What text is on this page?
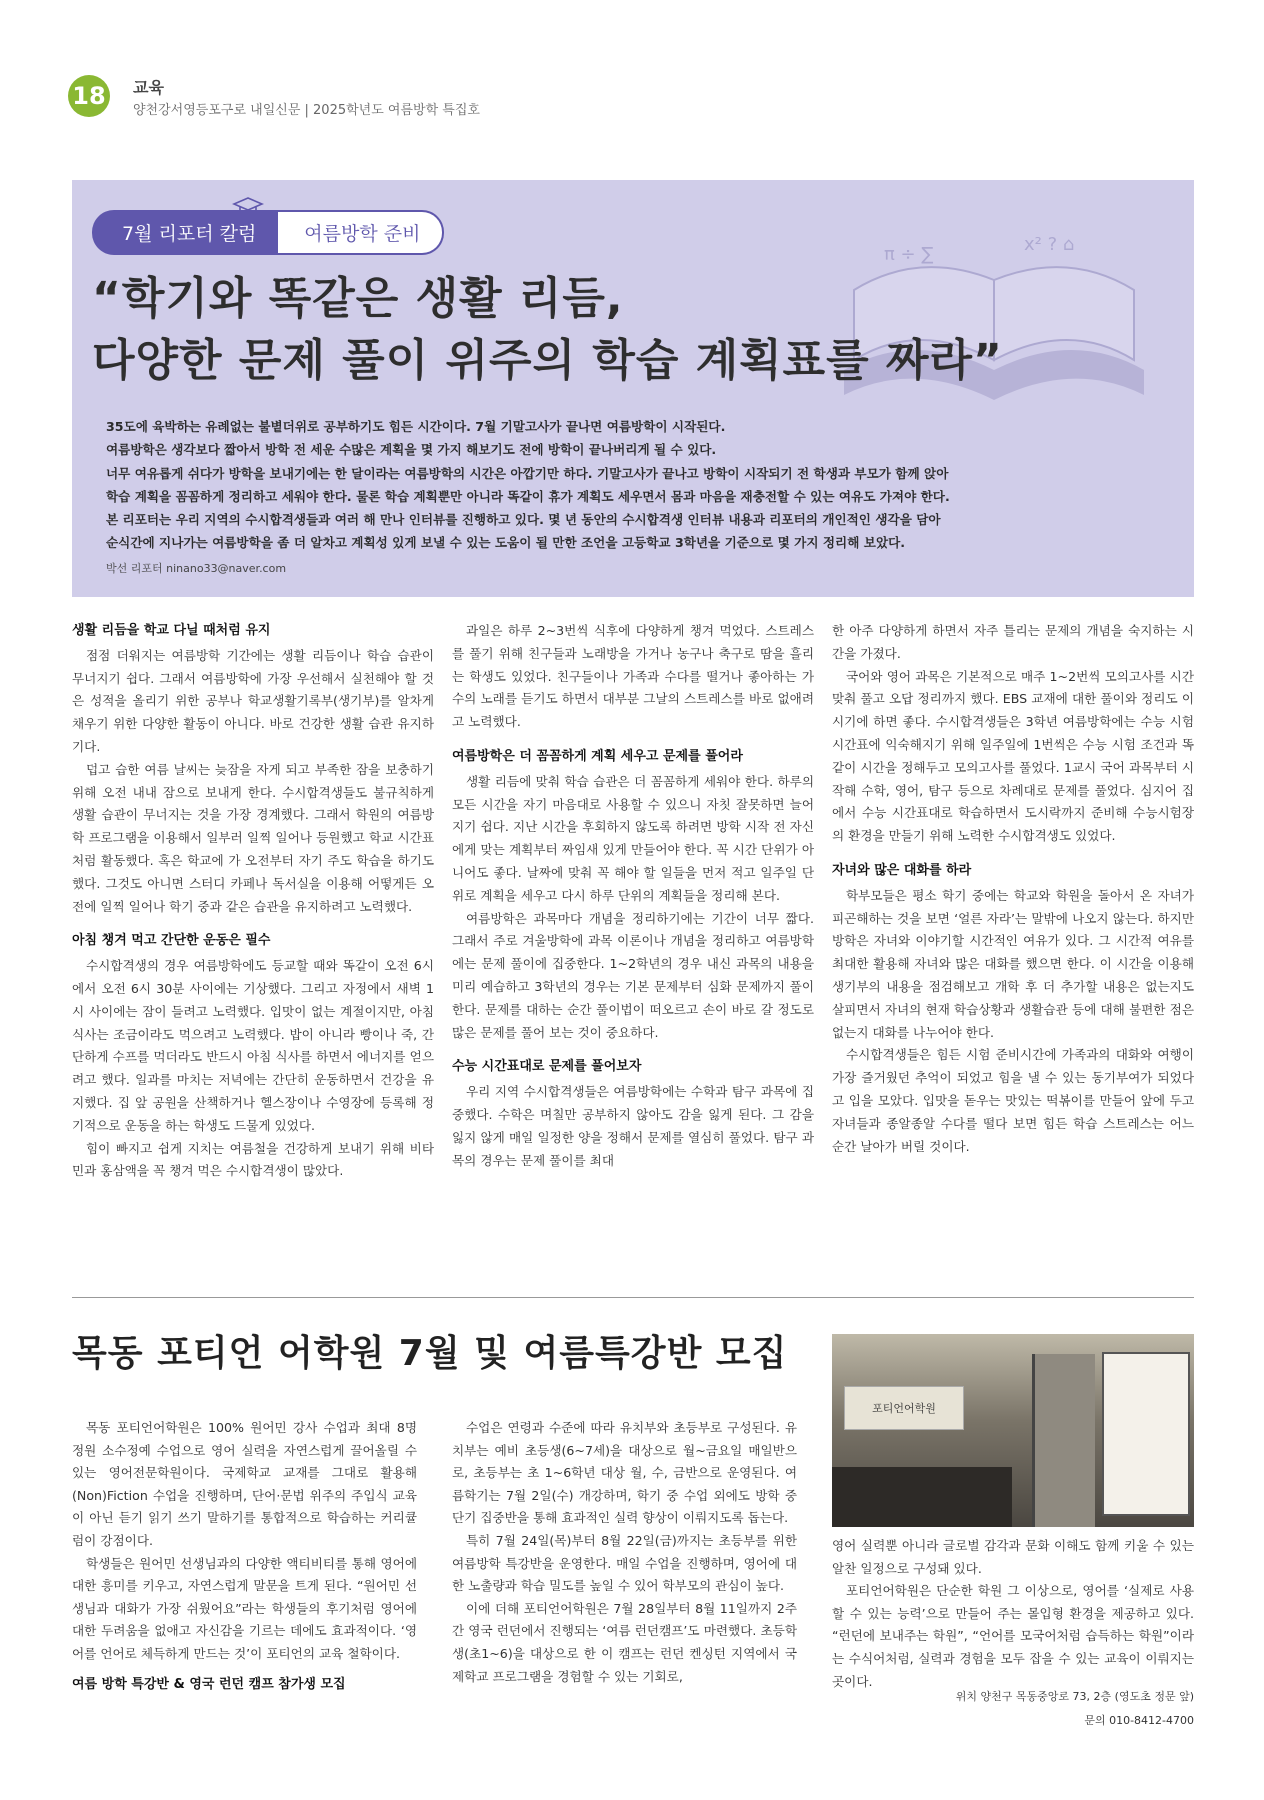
18 교육
양천강서영등포구로 내일신문 | 2025학년도 여름방학 특집호
7월 리포터 칼럼	여름방학 준비
π ÷ ∑	x² ? ⌂
“학기와 똑같은 생활 리듬,
다양한 문제 풀이 위주의 학습 계획표를 짜라”

35도에 육박하는 유례없는 불볕더위로 공부하기도 힘든 시간이다. 7월 기말고사가 끝나면 여름방학이 시작된다.

여름방학은 생각보다 짧아서 방학 전 세운 수많은 계획을 몇 가지 해보기도 전에 방학이 끝나버리게 될 수 있다.

너무 여유롭게 쉬다가 방학을 보내기에는 한 달이라는 여름방학의 시간은 아깝기만 하다. 기말고사가 끝나고 방학이 시작되기 전 학생과 부모가 함께 앉아

학습 계획을 꼼꼼하게 정리하고 세워야 한다. 물론 학습 계획뿐만 아니라 똑같이 휴가 계획도 세우면서 몸과 마음을 재충전할 수 있는 여유도 가져야 한다.

본 리포터는 우리 지역의 수시합격생들과 여러 해 만나 인터뷰를 진행하고 있다. 몇 년 동안의 수시합격생 인터뷰 내용과 리포터의 개인적인 생각을 담아

순식간에 지나가는 여름방학을 좀 더 알차고 계획성 있게 보낼 수 있는 도움이 될 만한 조언을 고등학교 3학년을 기준으로 몇 가지 정리해 보았다.

박선 리포터 ninano33@naver.com
생활 리듬을 학교 다닐 때처럼 유지

점점 더워지는 여름방학 기간에는 생활 리듬이나 학습 습관이 무너지기 쉽다. 그래서 여름방학에 가장 우선해서 실천해야 할 것은 성적을 올리기 위한 공부나 학교생활기록부(생기부)를 알차게 채우기 위한 다양한 활동이 아니다. 바로 건강한 생활 습관 유지하기다.

덥고 습한 여름 날씨는 늦잠을 자게 되고 부족한 잠을 보충하기 위해 오전 내내 잠으로 보내게 한다. 수시합격생들도 불규칙하게 생활 습관이 무너지는 것을 가장 경계했다. 그래서 학원의 여름방학 프로그램을 이용해서 일부러 일찍 일어나 등원했고 학교 시간표처럼 활동했다. 혹은 학교에 가 오전부터 자기 주도 학습을 하기도 했다. 그것도 아니면 스터디 카페나 독서실을 이용해 어떻게든 오전에 일찍 일어나 학기 중과 같은 습관을 유지하려고 노력했다.

아침 챙겨 먹고 간단한 운동은 필수

수시합격생의 경우 여름방학에도 등교할 때와 똑같이 오전 6시에서 오전 6시 30분 사이에는 기상했다. 그리고 자정에서 새벽 1시 사이에는 잠이 들려고 노력했다. 입맛이 없는 계절이지만, 아침 식사는 조금이라도 먹으려고 노력했다. 밥이 아니라 빵이나 죽, 간단하게 수프를 먹더라도 반드시 아침 식사를 하면서 에너지를 얻으려고 했다. 일과를 마치는 저녁에는 간단히 운동하면서 건강을 유지했다. 집 앞 공원을 산책하거나 헬스장이나 수영장에 등록해 정기적으로 운동을 하는 학생도 드물게 있었다.

힘이 빠지고 쉽게 지치는 여름철을 건강하게 보내기 위해 비타민과 홍삼액을 꼭 챙겨 먹은 수시합격생이 많았다.

과일은 하루 2~3번씩 식후에 다양하게 챙겨 먹었다. 스트레스를 풀기 위해 친구들과 노래방을 가거나 농구나 축구로 땀을 흘리는 학생도 있었다. 친구들이나 가족과 수다를 떨거나 좋아하는 가수의 노래를 듣기도 하면서 대부분 그날의 스트레스를 바로 없애려고 노력했다.

여름방학은 더 꼼꼼하게 계획 세우고 문제를 풀어라

생활 리듬에 맞춰 학습 습관은 더 꼼꼼하게 세워야 한다. 하루의 모든 시간을 자기 마음대로 사용할 수 있으니 자칫 잘못하면 늘어지기 쉽다. 지난 시간을 후회하지 않도록 하려면 방학 시작 전 자신에게 맞는 계획부터 짜임새 있게 만들어야 한다. 꼭 시간 단위가 아니어도 좋다. 날짜에 맞춰 꼭 해야 할 일들을 먼저 적고 일주일 단위로 계획을 세우고 다시 하루 단위의 계획들을 정리해 본다.

여름방학은 과목마다 개념을 정리하기에는 기간이 너무 짧다. 그래서 주로 겨울방학에 과목 이론이나 개념을 정리하고 여름방학에는 문제 풀이에 집중한다. 1~2학년의 경우 내신 과목의 내용을 미리 예습하고 3학년의 경우는 기본 문제부터 심화 문제까지 풀이한다. 문제를 대하는 순간 풀이법이 떠오르고 손이 바로 갈 정도로 많은 문제를 풀어 보는 것이 중요하다.

수능 시간표대로 문제를 풀어보자

우리 지역 수시합격생들은 여름방학에는 수학과 탐구 과목에 집중했다. 수학은 며칠만 공부하지 않아도 감을 잃게 된다. 그 감을 잃지 않게 매일 일정한 양을 정해서 문제를 열심히 풀었다. 탐구 과목의 경우는 문제 풀이를 최대

한 아주 다양하게 하면서 자주 틀리는 문제의 개념을 숙지하는 시간을 가졌다.

국어와 영어 과목은 기본적으로 매주 1~2번씩 모의고사를 시간 맞춰 풀고 오답 정리까지 했다. EBS 교재에 대한 풀이와 정리도 이 시기에 하면 좋다. 수시합격생들은 3학년 여름방학에는 수능 시험 시간표에 익숙해지기 위해 일주일에 1번씩은 수능 시험 조건과 똑같이 시간을 정해두고 모의고사를 풀었다. 1교시 국어 과목부터 시작해 수학, 영어, 탐구 등으로 차례대로 문제를 풀었다. 심지어 집에서 수능 시간표대로 학습하면서 도시락까지 준비해 수능시험장의 환경을 만들기 위해 노력한 수시합격생도 있었다.

자녀와 많은 대화를 하라

학부모들은 평소 학기 중에는 학교와 학원을 돌아서 온 자녀가 피곤해하는 것을 보면 ‘얼른 자라’는 말밖에 나오지 않는다. 하지만 방학은 자녀와 이야기할 시간적인 여유가 있다. 그 시간적 여유를 최대한 활용해 자녀와 많은 대화를 했으면 한다. 이 시간을 이용해 생기부의 내용을 점검해보고 개학 후 더 추가할 내용은 없는지도 살피면서 자녀의 현재 학습상황과 생활습관 등에 대해 불편한 점은 없는지 대화를 나누어야 한다.

수시합격생들은 힘든 시험 준비시간에 가족과의 대화와 여행이 가장 즐거웠던 추억이 되었고 힘을 낼 수 있는 동기부여가 되었다고 입을 모았다. 입맛을 돋우는 맛있는 떡볶이를 만들어 앞에 두고 자녀들과 종알종알 수다를 떨다 보면 힘든 학습 스트레스는 어느 순간 날아가 버릴 것이다.

목동 포티언 어학원 7월 및 여름특강반 모집
포티언어학원

목동 포티언어학원은 100% 원어민 강사 수업과 최대 8명 정원 소수정예 수업으로 영어 실력을 자연스럽게 끌어올릴 수 있는 영어전문학원이다. 국제학교 교재를 그대로 활용해 (Non)Fiction 수업을 진행하며, 단어·문법 위주의 주입식 교육이 아닌 듣기 읽기 쓰기 말하기를 통합적으로 학습하는 커리큘럼이 강점이다.

학생들은 원어민 선생님과의 다양한 액티비티를 통해 영어에 대한 흥미를 키우고, 자연스럽게 말문을 트게 된다. “원어민 선생님과 대화가 가장 쉬웠어요”라는 학생들의 후기처럼 영어에 대한 두려움을 없애고 자신감을 기르는 데에도 효과적이다. ‘영어를 언어로 체득하게 만드는 것’이 포티언의 교육 철학이다.

여름 방학 특강반 & 영국 런던 캠프 참가생 모집

수업은 연령과 수준에 따라 유치부와 초등부로 구성된다. 유치부는 예비 초등생(6~7세)을 대상으로 월~금요일 매일반으로, 초등부는 초 1~6학년 대상 월, 수, 금반으로 운영된다. 여름학기는 7월 2일(수) 개강하며, 학기 중 수업 외에도 방학 중 단기 집중반을 통해 효과적인 실력 향상이 이뤄지도록 돕는다.

특히 7월 24일(목)부터 8월 22일(금)까지는 초등부를 위한 여름방학 특강반을 운영한다. 매일 수업을 진행하며, 영어에 대한 노출량과 학습 밀도를 높일 수 있어 학부모의 관심이 높다.

이에 더해 포티언어학원은 7월 28일부터 8월 11일까지 2주간 영국 런던에서 진행되는 ‘여름 런던캠프’도 마련했다. 초등학생(초1~6)을 대상으로 한 이 캠프는 런던 켄싱턴 지역에서 국제학교 프로그램을 경험할 수 있는 기회로,

영어 실력뿐 아니라 글로벌 감각과 문화 이해도 함께 키울 수 있는 알찬 일정으로 구성돼 있다.

포티언어학원은 단순한 학원 그 이상으로, 영어를 ‘실제로 사용할 수 있는 능력’으로 만들어 주는 몰입형 환경을 제공하고 있다. “런던에 보내주는 학원”, “언어를 모국어처럼 습득하는 학원”이라는 수식어처럼, 실력과 경험을 모두 잡을 수 있는 교육이 이뤄지는 곳이다.

위치 양천구 목동중앙로 73, 2층 (영도초 정문 앞)
문의 010-8412-4700
